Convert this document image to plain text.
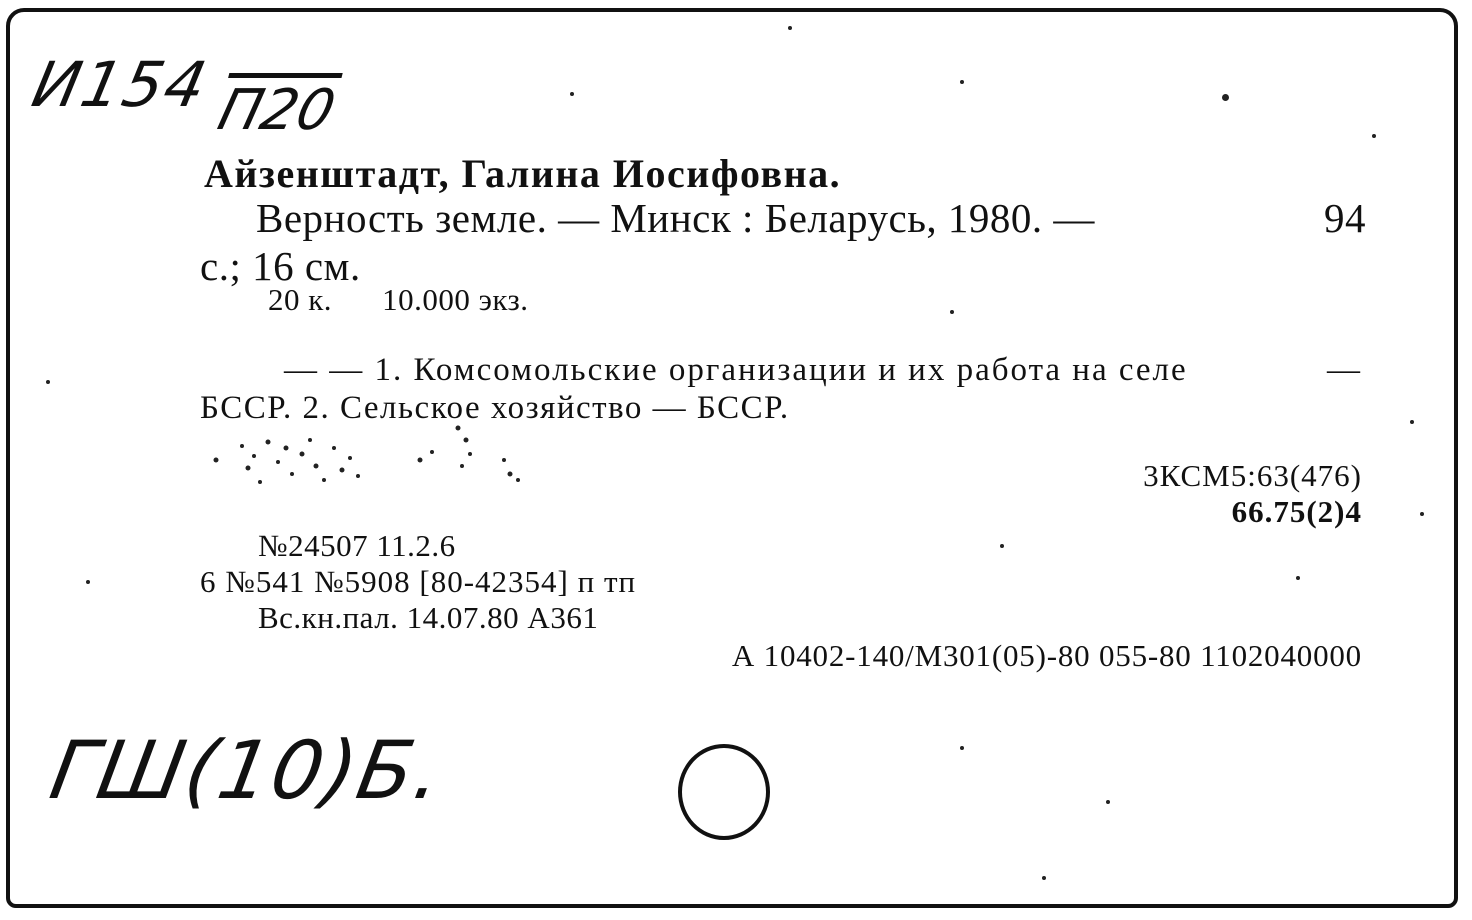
И154
П20
Айзенштадт, Галина Иосифовна.
Верность земле. — Минск : Беларусь, 1980. —	94
с.; 16 см.
20 к. 10.000 экз.
— — 1. Комсомольские организации и их работа на селе	—
БССР. 2. Сельское хозяйство — БССР.
3КСМ5:63(476)
66.75(2)4
№24507 11.2.6
6 №541 №5908 [80-42354] п тп
Вс.кн.пал. 14.07.80 А361
А 10402-140/М301(05)-80 055-80 1102040000
ГШ(10)Б.
